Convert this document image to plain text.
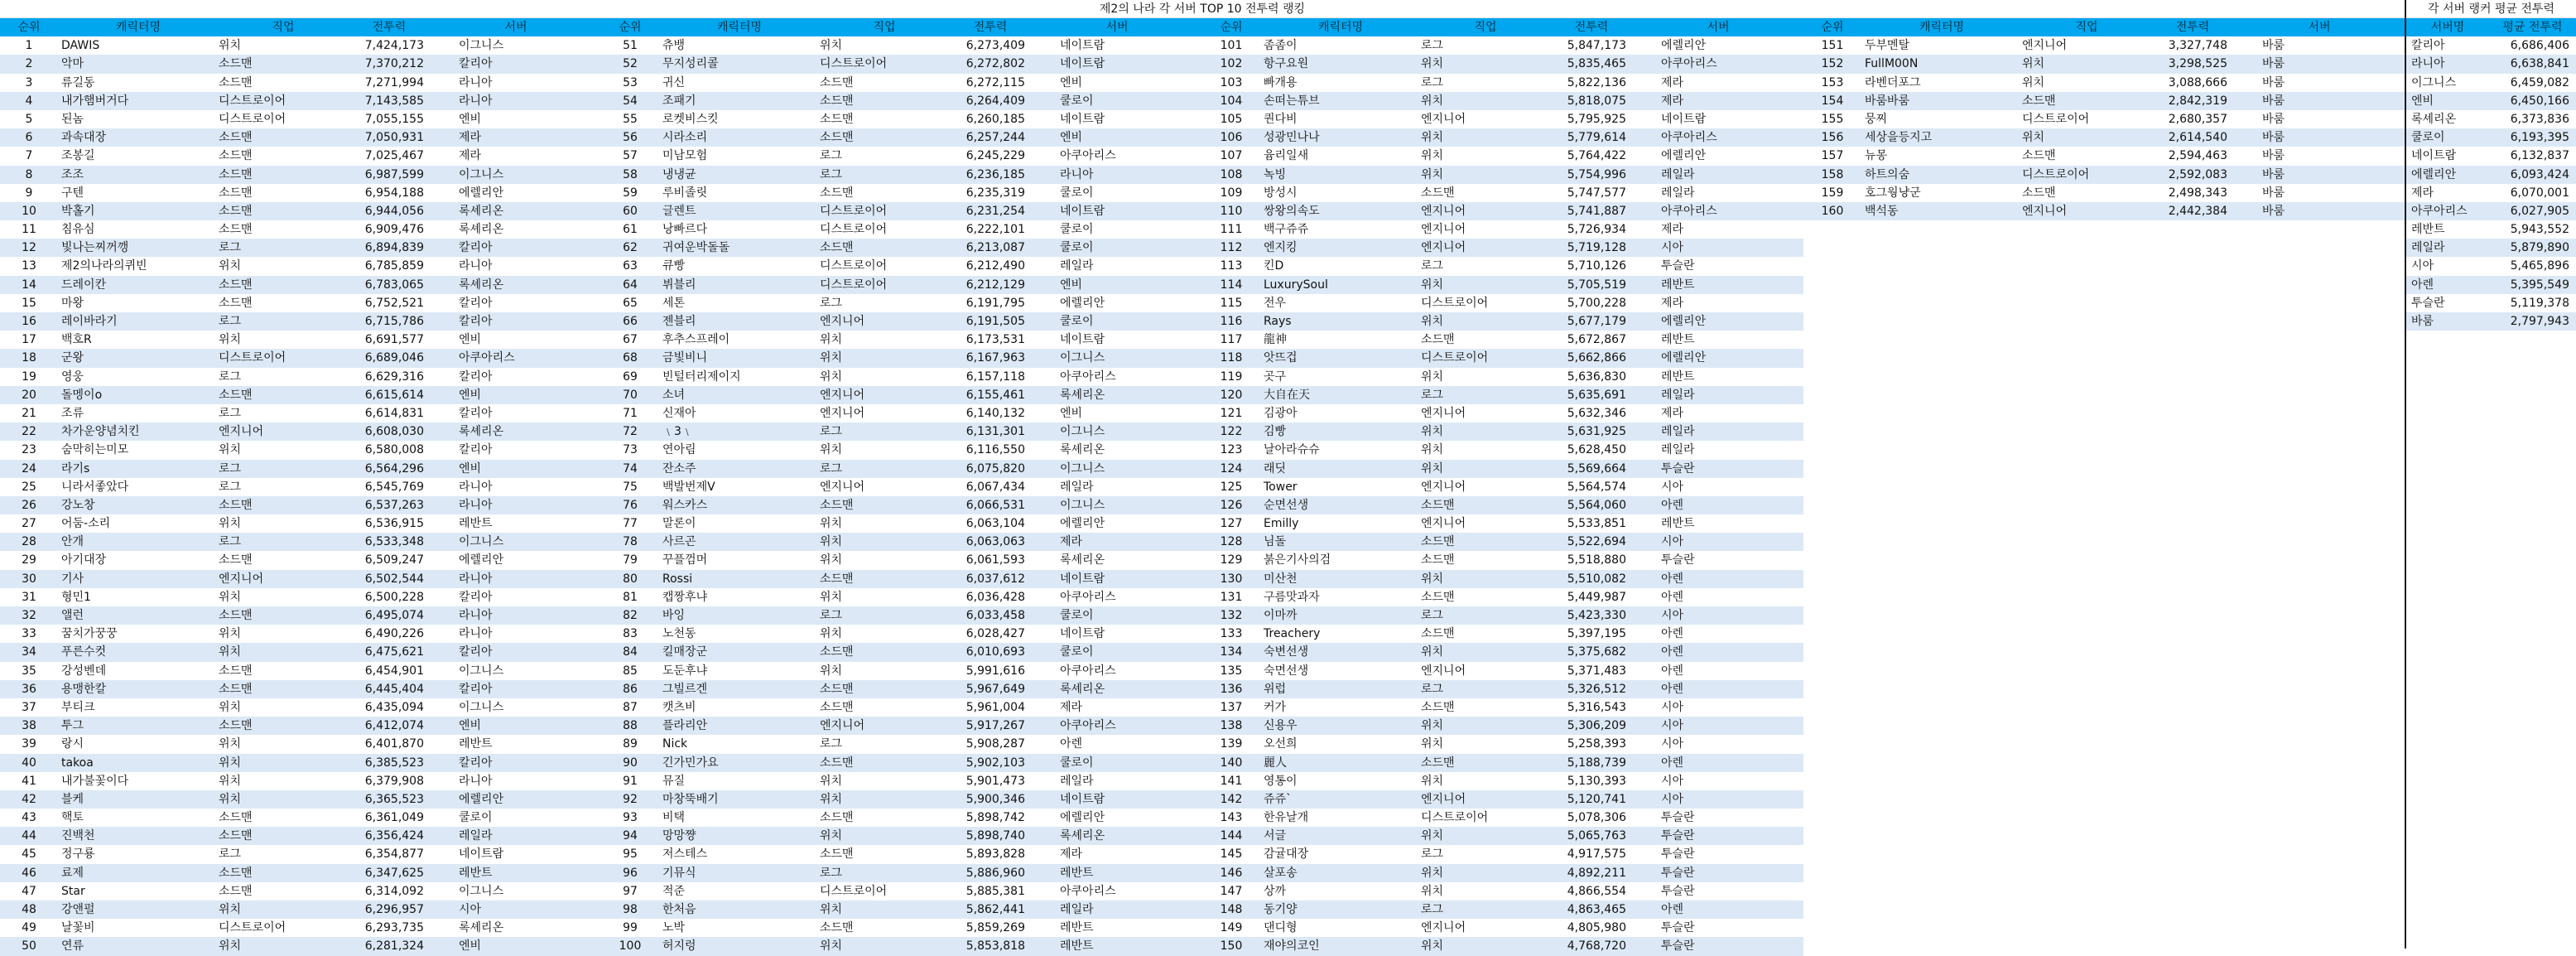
제2의 나라 각 서버 TOP 10 전투력 랭킹	각 서버 랭커 평균 전투력
순위	캐릭터명	직업	전투력	서버
1	DAWIS	위치	7,424,173	이그니스
2	악마	소드맨	7,370,212	칼리아
3	류길동	소드맨	7,271,994	라니아
4	내가햄버거다	디스트로이어	7,143,585	라니아
5	된놈	디스트로이어	7,055,155	엔비
6	과속대장	소드맨	7,050,931	제라
7	조봉길	소드맨	7,025,467	제라
8	조조	소드맨	6,987,599	이그니스
9	구텐	소드맨	6,954,188	에렐리안
10	박홀기	소드맨	6,944,056	록셰리온
11	침유심	소드맨	6,909,476	록셰리온
12	빛나는찌꺼깽	로그	6,894,839	칼리아
13	제2의나라의퀴빈	위치	6,785,859	라니아
14	드레이칸	소드맨	6,783,065	록셰리온
15	마왕	소드맨	6,752,521	칼리아
16	레이바라기	로그	6,715,786	칼리아
17	백호R	위치	6,691,577	엔비
18	군왕	디스트로이어	6,689,046	아쿠아리스
19	영웅	로그	6,629,316	칼리아
20	돌멩이o	소드맨	6,615,614	엔비
21	조류	로그	6,614,831	칼리아
22	차가운양념치킨	엔지니어	6,608,030	록셰리온
23	숨막히는미모	위치	6,580,008	칼리아
24	라기s	로그	6,564,296	엔비
25	니라서좋았다	로그	6,545,769	라니아
26	강노창	소드맨	6,537,263	라니아
27	어둠-소리	위치	6,536,915	레반트
28	안개	로그	6,533,348	이그니스
29	아기대장	소드맨	6,509,247	에렐리안
30	기사	엔지니어	6,502,544	라니아
31	형민1	위치	6,500,228	칼리아
32	앨런	소드맨	6,495,074	라니아
33	꿈치가꿍꿍	위치	6,490,226	라니아
34	푸른수컷	위치	6,475,621	칼리아
35	강성벤데	소드맨	6,454,901	이그니스
36	용맹한칼	소드맨	6,445,404	칼리아
37	부티크	위치	6,435,094	이그니스
38	투그	소드맨	6,412,074	엔비
39	랑시	위치	6,401,870	레반트
40	takoa	위치	6,385,523	칼리아
41	내가불꽃이다	위치	6,379,908	라니아
42	블케	위치	6,365,523	에렐리안
43	핵토	소드맨	6,361,049	쿨로이
44	진백천	소드맨	6,356,424	레일라
45	정구룡	로그	6,354,877	네이트람
46	료제	소드맨	6,347,625	레반트
47	Star	소드맨	6,314,092	이그니스
48	강앤펄	위치	6,296,957	시아
49	날꽃비	디스트로이어	6,293,735	록셰리온
50	연류	위치	6,281,324	엔비
순위	캐릭터명	직업	전투력	서버
51	츄뱅	위치	6,273,409	네이트람
52	무지성리콜	디스트로이어	6,272,802	네이트람
53	귀신	소드맨	6,272,115	엔비
54	조패기	소드맨	6,264,409	쿨로이
55	로켓비스킷	소드맨	6,260,185	네이트람
56	시라소리	소드맨	6,257,244	엔비
57	미남모험	로그	6,245,229	아쿠아리스
58	냉냉균	로그	6,236,185	라니아
59	루비졸릿	소드맨	6,235,319	쿨로이
60	글렌트	디스트로이어	6,231,254	네이트람
61	낭빠르다	디스트로이어	6,222,101	쿨로이
62	귀여운박돌돌	소드맨	6,213,087	쿨로이
63	큐빵	디스트로이어	6,212,490	레일라
64	뷔블리	디스트로이어	6,212,129	엔비
65	세톤	로그	6,191,795	에렐리안
66	젠블리	엔지니어	6,191,505	쿨로이
67	후추스프레이	위치	6,173,531	네이트람
68	금빛비니	위치	6,167,963	이그니스
69	빈털터리제이지	위치	6,157,118	아쿠아리스
70	소녀	엔지니어	6,155,461	록셰리온
71	신재아	엔지니어	6,140,132	엔비
72	﹨3﹨	로그	6,131,301	이그니스
73	연아림	위치	6,116,550	록셰리온
74	잔소주	로그	6,075,820	이그니스
75	백발번제V	엔지니어	6,067,434	레일라
76	워스카스	소드맨	6,066,531	이그니스
77	말론이	위치	6,063,104	에렐리안
78	사르곤	위치	6,063,063	제라
79	꾸플껌머	위치	6,061,593	록셰리온
80	Rossi	소드맨	6,037,612	네이트람
81	캡짱후냐	위치	6,036,428	아쿠아리스
82	바잉	로그	6,033,458	쿨로이
83	노천동	위치	6,028,427	네이트람
84	킬매장군	소드맨	6,010,693	쿨로이
85	도둔후냐	위치	5,991,616	아쿠아리스
86	그빌르겐	소드맨	5,967,649	록셰리온
87	캣츠비	소드맨	5,961,004	제라
88	플라리안	엔지니어	5,917,267	아쿠아리스
89	Nick	로그	5,908,287	아렌
90	긴가민가요	소드맨	5,902,103	쿨로이
91	뮤질	위치	5,901,473	레일라
92	마창뚝배기	위치	5,900,346	네이트람
93	비택	소드맨	5,898,742	에렐리안
94	망망쨩	위치	5,898,740	록셰리온
95	저스테스	소드맨	5,893,828	제라
96	기뮤식	로그	5,886,960	레반트
97	적준	디스트로이어	5,885,381	아쿠아리스
98	한처음	위치	5,862,441	레일라
99	노박	소드맨	5,859,269	레반트
100	허지렁	위치	5,853,818	레반트
순위	캐릭터명	직업	전투력	서버
101	좀좀이	로그	5,847,173	에렐리안
102	항구요원	위치	5,835,465	아쿠아리스
103	빠개용	로그	5,822,136	제라
104	손떠는튜브	위치	5,818,075	제라
105	퀀다비	엔지니어	5,795,925	네이트람
106	성광민나나	위치	5,779,614	아쿠아리스
107	윰리일새	위치	5,764,422	에렐리안
108	녹빙	위치	5,754,996	레일라
109	방성시	소드맨	5,747,577	레일라
110	쌍왕의속도	엔지니어	5,741,887	아쿠아리스
111	백구쥬쥬	엔지니어	5,726,934	제라
112	엔지킹	엔지니어	5,719,128	시아
113	킨D	로그	5,710,126	투슬란
114	LuxurySoul	위치	5,705,519	레반트
115	전우	디스트로이어	5,700,228	제라
116	Rays	위치	5,677,179	에렐리안
117	龍神	소드맨	5,672,867	레반트
118	앗뜨겁	디스트로이어	5,662,866	에렐리안
119	곳구	위치	5,636,830	레반트
120	大自在天	로그	5,635,691	레일라
121	김광아	엔지니어	5,632,346	제라
122	김빵	위치	5,631,925	레일라
123	날아라슈슈	위치	5,628,450	레일라
124	래딧	위치	5,569,664	투슬란
125	Tower	엔지니어	5,564,574	시아
126	순면선생	소드맨	5,564,060	아렌
127	Emilly	엔지니어	5,533,851	레반트
128	님돌	소드맨	5,522,694	시아
129	붉은기사의검	소드맨	5,518,880	투슬란
130	미산천	위치	5,510,082	아렌
131	구름맛과자	소드맨	5,449,987	아렌
132	이마까	로그	5,423,330	시아
133	Treachery	소드맨	5,397,195	아렌
134	숙변선생	위치	5,375,682	아렌
135	숙면선생	엔지니어	5,371,483	아렌
136	위럽	로그	5,326,512	아렌
137	커가	소드맨	5,316,543	시아
138	신용우	위치	5,306,209	시아
139	오선희	위치	5,258,393	시아
140	麗人	소드맨	5,188,739	아렌
141	영통이	위치	5,130,393	시아
142	쥬쥬`	엔지니어	5,120,741	시아
143	한유날개	디스트로이어	5,078,306	투슬란
144	서글	위치	5,065,763	투슬란
145	감귤대장	로그	4,917,575	투슬란
146	살포송	위치	4,892,211	투슬란
147	상까	위치	4,866,554	투슬란
148	동기양	로그	4,863,465	아렌
149	댄디형	엔지니어	4,805,980	투슬란
150	재야의코인	위치	4,768,720	투슬란
순위	캐릭터명	직업	전투력	서버
151	두부멘탈	엔지니어	3,327,748	바룸
152	FullM00N	위치	3,298,525	바룸
153	라벤더포그	위치	3,088,666	바룸
154	바룸바룸	소드맨	2,842,319	바룸
155	뭉찌	디스트로이어	2,680,357	바룸
156	세상을등지고	위치	2,614,540	바룸
157	뉴몽	소드맨	2,594,463	바룸
158	하트의숨	디스트로이어	2,592,083	바룸
159	호그웡냥군	소드맨	2,498,343	바룸
160	백석동	엔지니어	2,442,384	바룸
서버명	평균 전투력
칼리아	6,686,406
라니아	6,638,841
이그니스	6,459,082
엔비	6,450,166
록셰리온	6,373,836
쿨로이	6,193,395
네이트람	6,132,837
에렐리안	6,093,424
제라	6,070,001
아쿠아리스	6,027,905
레반트	5,943,552
레일라	5,879,890
시아	5,465,896
아렌	5,395,549
투슬란	5,119,378
바룸	2,797,943
